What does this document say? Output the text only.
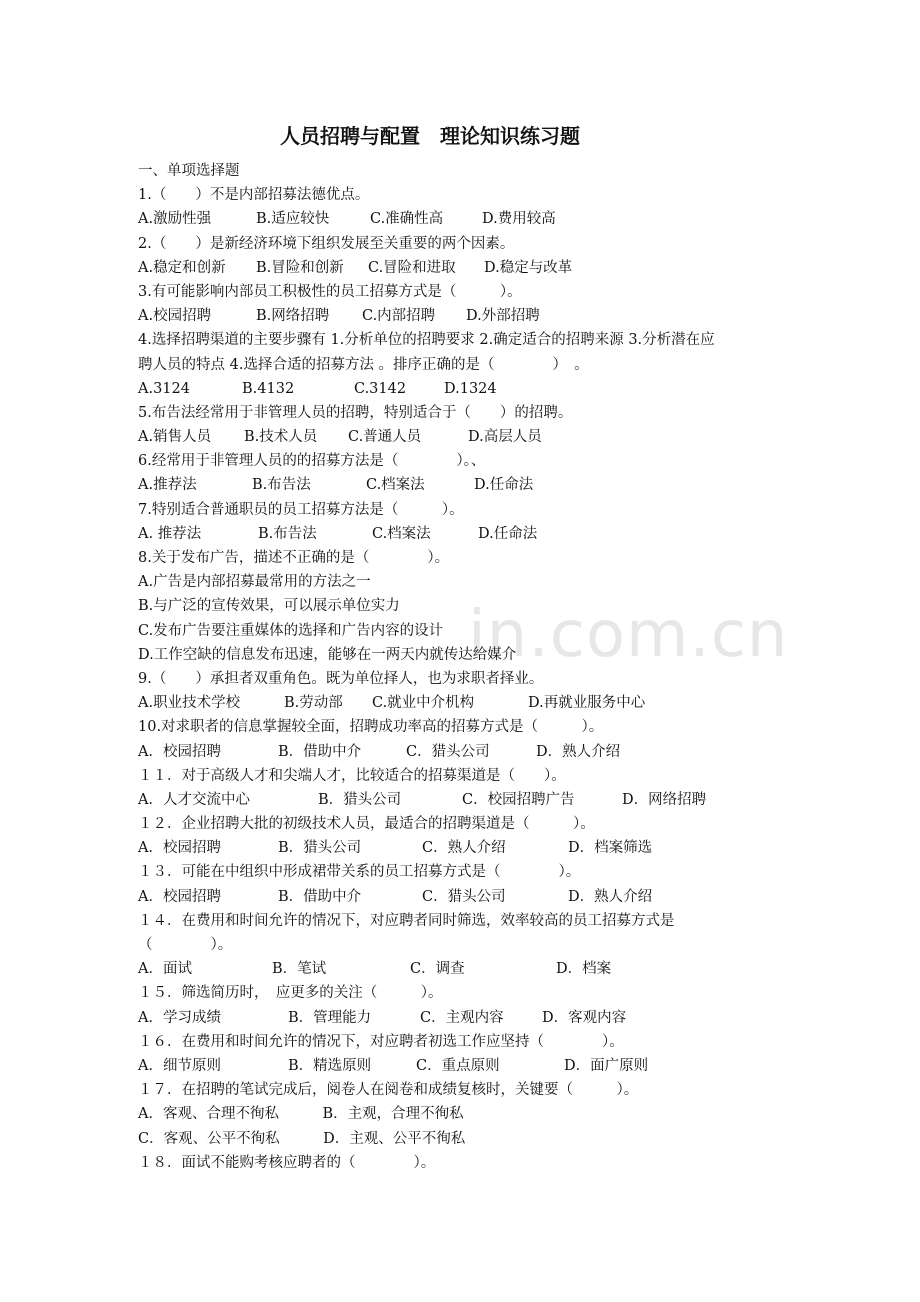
in.com.cn
人员招聘与配置　理论知识练习题
一、单项选择题
1.（　　）不是内部招募法德优点。
A.激励性强	B.适应较快	C.准确性高	D.费用较高
2.（　　）是新经济环境下组织发展至关重要的两个因素。
A.稳定和创新	B.冒险和创新	C.冒险和进取	D.稳定与改革
3.有可能影响内部员工积极性的员工招募方式是（　　　）。
A.校园招聘	B.网络招聘	C.内部招聘	D.外部招聘
4.选择招聘渠道的主要步骤有 1.分析单位的招聘要求 2.确定适合的招聘来源 3.分析潜在应
聘人员的特点 4.选择合适的招募方法 。排序正确的是（　　　　）　。
A.3124	B.4132	C.3142	D.1324
5.布告法经常用于非管理人员的招聘，特别适合于（　　）的招聘。
A.销售人员	B.技术人员	C.普通人员	D.高层人员
6.经常用于非管理人员的的招募方法是（　　　　）。、
A.推荐法	B.布告法	C.档案法	D.任命法
7.特别适合普通职员的员工招募方法是（　　　）。
A. 推荐法	B.布告法	C.档案法	D.任命法
8.关于发布广告，描述不正确的是（　　　　）。
A.广告是内部招募最常用的方法之一
B.与广泛的宣传效果，可以展示单位实力
C.发布广告要注重媒体的选择和广告内容的设计
D.工作空缺的信息发布迅速，能够在一两天内就传达给媒介
9.（　　）承担者双重角色。既为单位择人，也为求职者择业。
A.职业技术学校	B.劳动部	C.就业中介机构	D.再就业服务中心
10.对求职者的信息掌握较全面，招聘成功率高的招募方式是（　　　）。
A．校园招聘	B．借助中介	C．猎头公司	D．熟人介绍
１１．对于高级人才和尖端人才，比较适合的招募渠道是（　　）。
A．人才交流中心	B．猎头公司	C．校园招聘广告	D．网络招聘
１２．企业招聘大批的初级技术人员，最适合的招聘渠道是（　　　）。
A．校园招聘	B．猎头公司	C．熟人介绍	D．档案筛选
１３．可能在中组织中形成裙带关系的员工招募方式是（　　　　）。
A．校园招聘	B．借助中介	C．猎头公司	D．熟人介绍
１４．在费用和时间允许的情况下，对应聘者同时筛选，效率较高的员工招募方式是
（　　　　）。
A．面试	B．笔试	C．调查	D．档案
１５．筛选简历时，　应更多的关注（　　　）。
A．学习成绩	B．管理能力	C．主观内容	D．客观内容
１６．在费用和时间允许的情况下，对应聘者初选工作应坚持（　　　　）。
A．细节原则	B．精选原则	C．重点原则	D．面广原则
１７．在招聘的笔试完成后，阅卷人在阅卷和成绩复核时，关键要（　　　）。
A．客观、合理不徇私　　　B．主观，合理不徇私
C．客观、公平不徇私　　　D．主观、公平不徇私
１８．面试不能购考核应聘者的（　　　　）。
